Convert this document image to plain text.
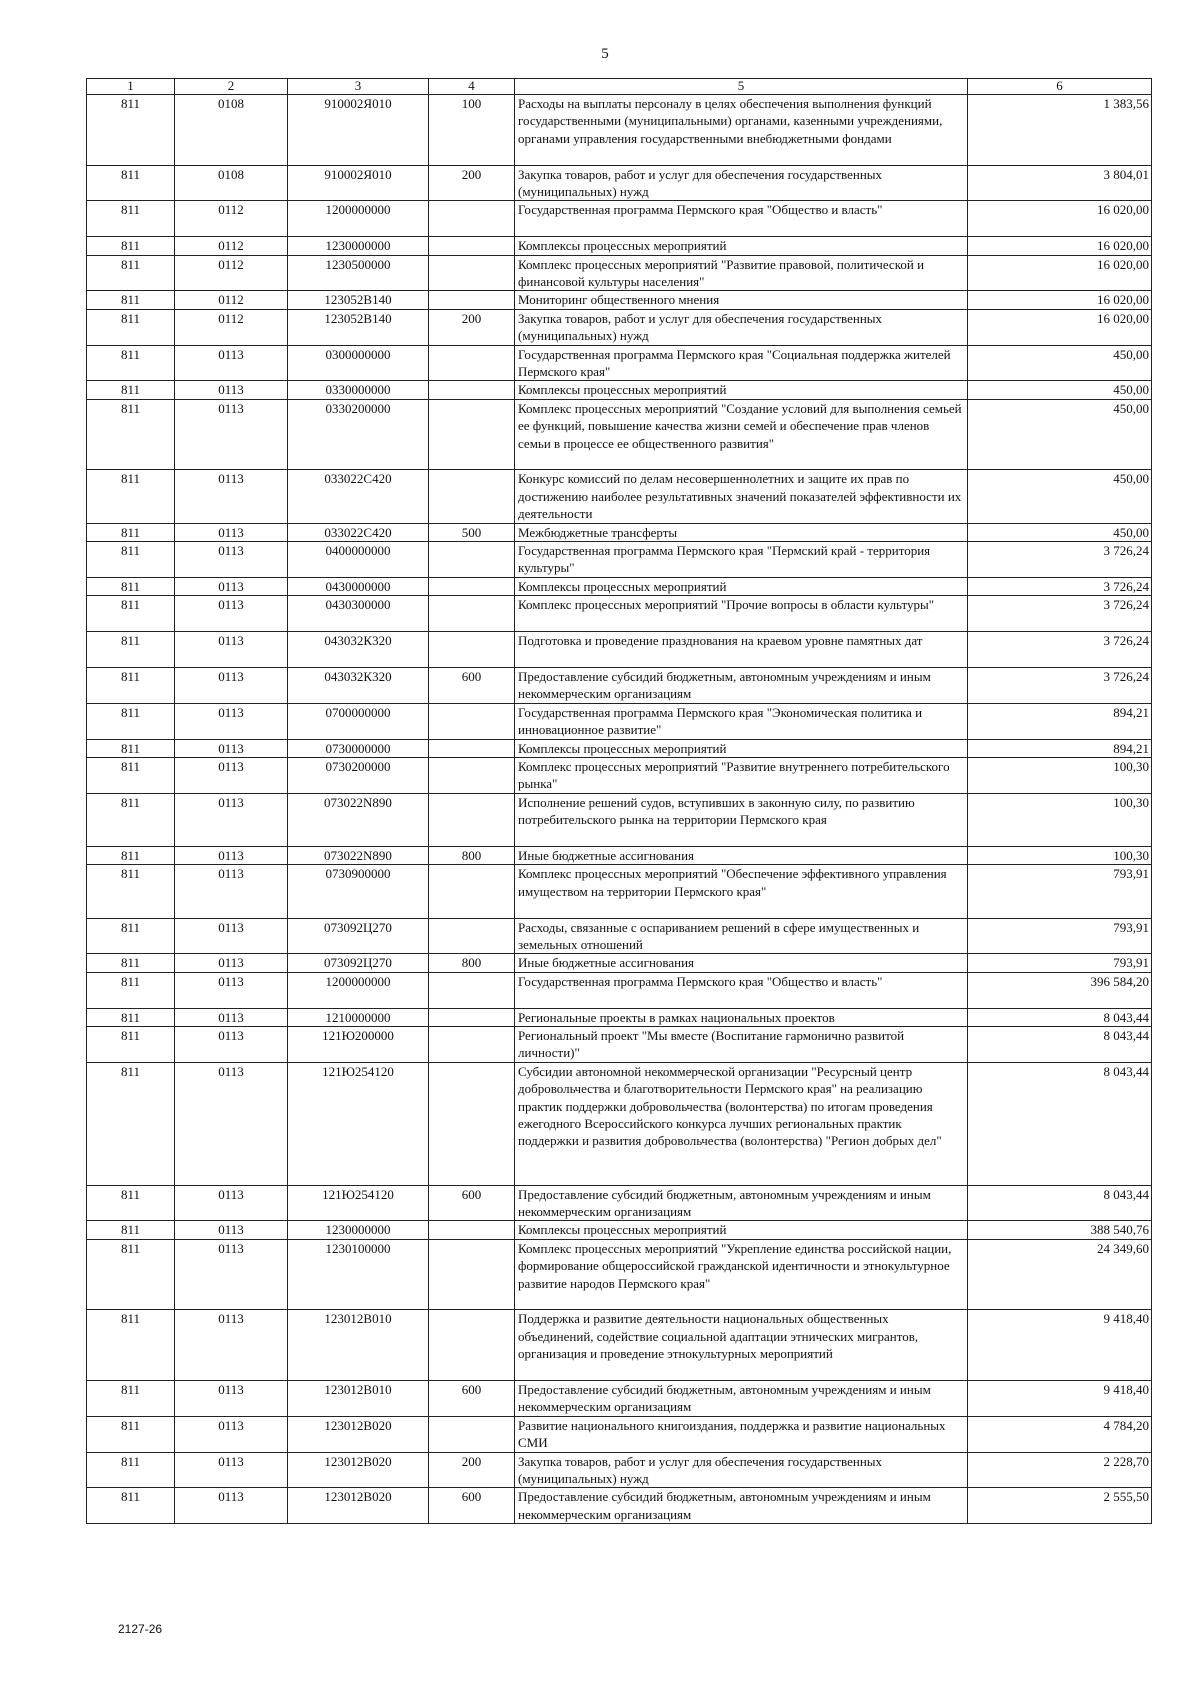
5
1	2	3	4	5	6
811	0108	910002Я010	100	Расходы на выплаты персоналу в целях обеспечения выполнения функций государственными (муниципальными) органами, казенными учреждениями, органами управления государственными внебюджетными фондами	1 383,56
811	0108	910002Я010	200	Закупка товаров, работ и услуг для обеспечения государственных (муниципальных) нужд	3 804,01
811	0112	1200000000		Государственная программа Пермского края "Общество и власть"	16 020,00
811	0112	1230000000		Комплексы процессных мероприятий	16 020,00
811	0112	1230500000		Комплекс процессных мероприятий "Развитие правовой, политической и финансовой культуры населения"	16 020,00
811	0112	123052В140		Мониторинг общественного мнения	16 020,00
811	0112	123052В140	200	Закупка товаров, работ и услуг для обеспечения государственных (муниципальных) нужд	16 020,00
811	0113	0300000000		Государственная программа Пермского края "Социальная поддержка жителей Пермского края"	450,00
811	0113	0330000000		Комплексы процессных мероприятий	450,00
811	0113	0330200000		Комплекс процессных мероприятий "Создание условий для выполнения семьей ее функций, повышение качества жизни семей и обеспечение прав членов семьи в процессе ее общественного развития"	450,00
811	0113	033022С420		Конкурс комиссий по делам несовершеннолетних и защите их прав по достижению наиболее результативных значений показателей эффективности их деятельности	450,00
811	0113	033022С420	500	Межбюджетные трансферты	450,00
811	0113	0400000000		Государственная программа Пермского края "Пермский край - территория культуры"	3 726,24
811	0113	0430000000		Комплексы процессных мероприятий	3 726,24
811	0113	0430300000		Комплекс процессных мероприятий "Прочие вопросы в области культуры"	3 726,24
811	0113	043032К320		Подготовка и проведение празднования на краевом уровне памятных дат	3 726,24
811	0113	043032К320	600	Предоставление субсидий бюджетным, автономным учреждениям и иным некоммерческим организациям	3 726,24
811	0113	0700000000		Государственная программа Пермского края "Экономическая политика и инновационное развитие"	894,21
811	0113	0730000000		Комплексы процессных мероприятий	894,21
811	0113	0730200000		Комплекс процессных мероприятий "Развитие внутреннего потребительского рынка"	100,30
811	0113	073022N890		Исполнение решений судов, вступивших в законную силу, по развитию потребительского рынка на территории Пермского края	100,30
811	0113	073022N890	800	Иные бюджетные ассигнования	100,30
811	0113	0730900000		Комплекс процессных мероприятий "Обеспечение эффективного управления имуществом на территории Пермского края"	793,91
811	0113	073092Ц270		Расходы, связанные с оспариванием решений в сфере имущественных и земельных отношений	793,91
811	0113	073092Ц270	800	Иные бюджетные ассигнования	793,91
811	0113	1200000000		Государственная программа Пермского края "Общество и власть"	396 584,20
811	0113	1210000000		Региональные проекты в рамках национальных проектов	8 043,44
811	0113	121Ю200000		Региональный проект "Мы вместе (Воспитание гармонично развитой личности)"	8 043,44
811	0113	121Ю254120		Субсидии автономной некоммерческой организации "Ресурсный центр добровольчества и благотворительности Пермского края" на реализацию практик поддержки добровольчества (волонтерства) по итогам проведения ежегодного Всероссийского конкурса лучших региональных практик поддержки и развития добровольчества (волонтерства) "Регион добрых дел"	8 043,44
811	0113	121Ю254120	600	Предоставление субсидий бюджетным, автономным учреждениям и иным некоммерческим организациям	8 043,44
811	0113	1230000000		Комплексы процессных мероприятий	388 540,76
811	0113	1230100000		Комплекс процессных мероприятий "Укрепление единства российской нации, формирование общероссийской гражданской идентичности и этнокультурное развитие народов Пермского края"	24 349,60
811	0113	123012В010		Поддержка и развитие деятельности национальных общественных объединений, содействие социальной адаптации этнических мигрантов, организация и проведение этнокультурных мероприятий	9 418,40
811	0113	123012В010	600	Предоставление субсидий бюджетным, автономным учреждениям и иным некоммерческим организациям	9 418,40
811	0113	123012В020		Развитие национального книгоиздания, поддержка и развитие национальных СМИ	4 784,20
811	0113	123012В020	200	Закупка товаров, работ и услуг для обеспечения государственных (муниципальных) нужд	2 228,70
811	0113	123012В020	600	Предоставление субсидий бюджетным, автономным учреждениям и иным некоммерческим организациям	2 555,50
2127-26
